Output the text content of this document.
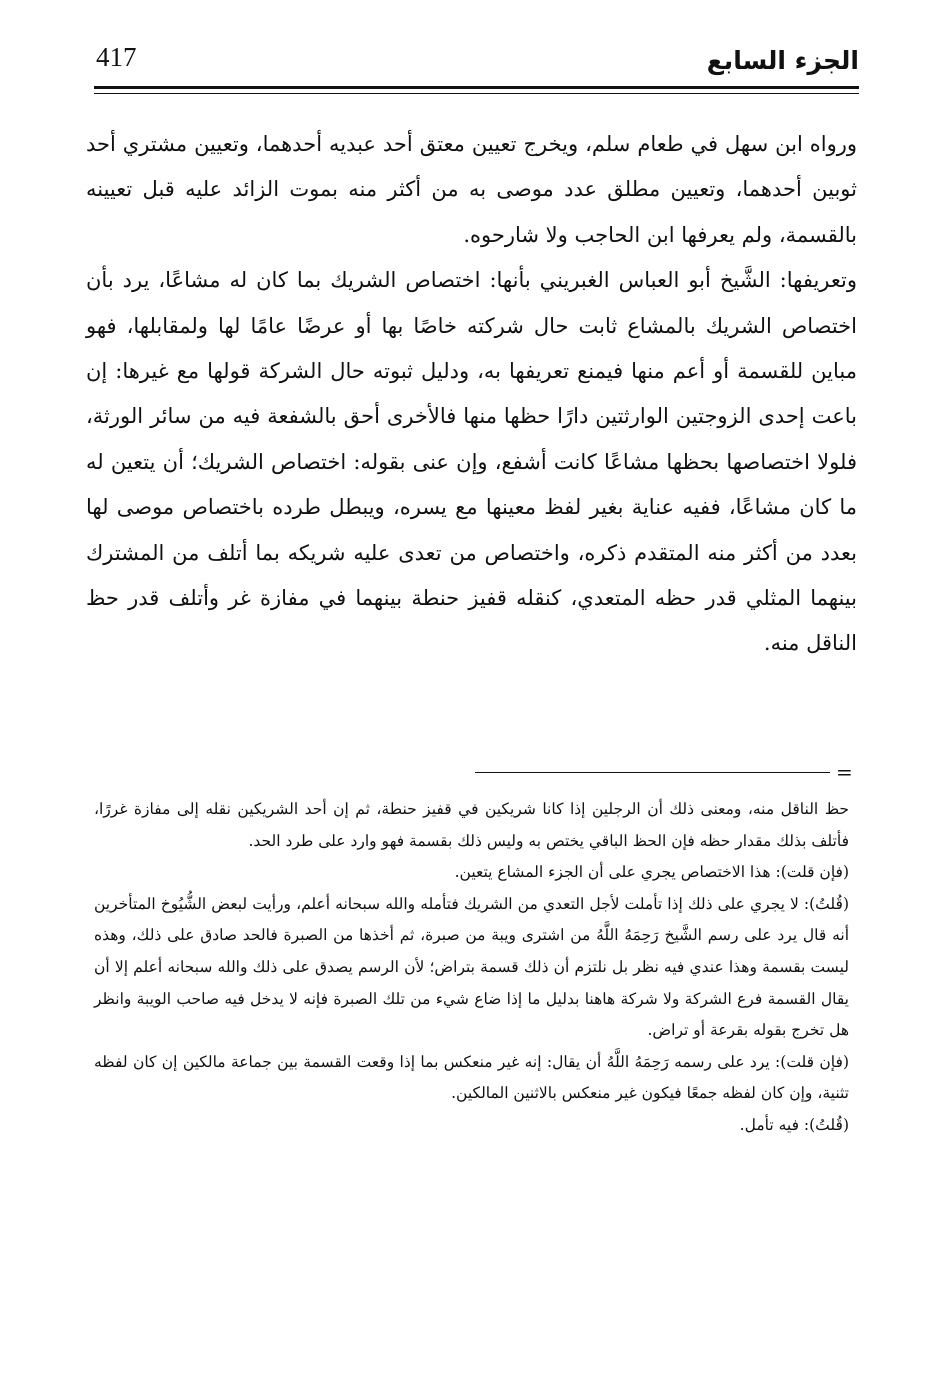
417	الجزء السابع

ورواه ابن سهل في طعام سلم، ويخرج تعيين معتق أحد عبديه أحدهما، وتعيين مشتري أحد ثوبين أحدهما، وتعيين مطلق عدد موصى به من أكثر منه بموت الزائد عليه قبل تعيينه بالقسمة، ولم يعرفها ابن الحاجب ولا شارحوه.

وتعريفها: الشَّيخ أبو العباس الغبريني بأنها: اختصاص الشريك بما كان له مشاعًا، يرد بأن اختصاص الشريك بالمشاع ثابت حال شركته خاصًا بها أو عرضًا عامًا لها ولمقابلها، فهو مباين للقسمة أو أعم منها فيمنع تعريفها به، ودليل ثبوته حال الشركة قولها مع غيرها: إن باعت إحدى الزوجتين الوارثتين دارًا حظها منها فالأخرى أحق بالشفعة فيه من سائر الورثة، فلولا اختصاصها بحظها مشاعًا كانت أشفع، وإن عنى بقوله: اختصاص الشريك؛ أن يتعين له ما كان مشاعًا، ففيه عناية بغير لفظ معينها مع يسره، ويبطل طرده باختصاص موصى لها بعدد من أكثر منه المتقدم ذكره، واختصاص من تعدى عليه شريكه بما أتلف من المشترك بينهما المثلي قدر حظه المتعدي، كنقله قفيز حنطة بينهما في مفازة غر وأتلف قدر حظ الناقل منه.

=

حظ الناقل منه، ومعنى ذلك أن الرجلين إذا كانا شريكين في قفيز حنطة، ثم إن أحد الشريكين نقله إلى مفازة غررًا، فأتلف بذلك مقدار حظه فإن الحظ الباقي يختص به وليس ذلك بقسمة فهو وارد على طرد الحد.

(فإن قلت): هذا الاختصاص يجري على أن الجزء المشاع يتعين.

(قُلتُ): لا يجري على ذلك إذا تأملت لأجل التعدي من الشريك فتأمله والله سبحانه أعلم، ورأيت لبعض الشُّيُوخ المتأخرين أنه قال يرد على رسم الشَّيخ رَحِمَهُ اللَّهُ من اشترى ويبة من صبرة، ثم أخذها من الصبرة فالحد صادق على ذلك، وهذه ليست بقسمة وهذا عندي فيه نظر بل نلتزم أن ذلك قسمة بتراض؛ لأن الرسم يصدق على ذلك والله سبحانه أعلم إلا أن يقال القسمة فرع الشركة ولا شركة هاهنا بدليل ما إذا ضاع شيء من تلك الصبرة فإنه لا يدخل فيه صاحب الويبة وانظر هل تخرج بقوله بقرعة أو تراض.

(فإن قلت): يرد على رسمه رَحِمَهُ اللَّهُ أن يقال: إنه غير منعكس بما إذا وقعت القسمة بين جماعة مالكين إن كان لفظه تثنية، وإن كان لفظه جمعًا فيكون غير منعكس بالاثنين المالكين.

(قُلتُ): فيه تأمل.
